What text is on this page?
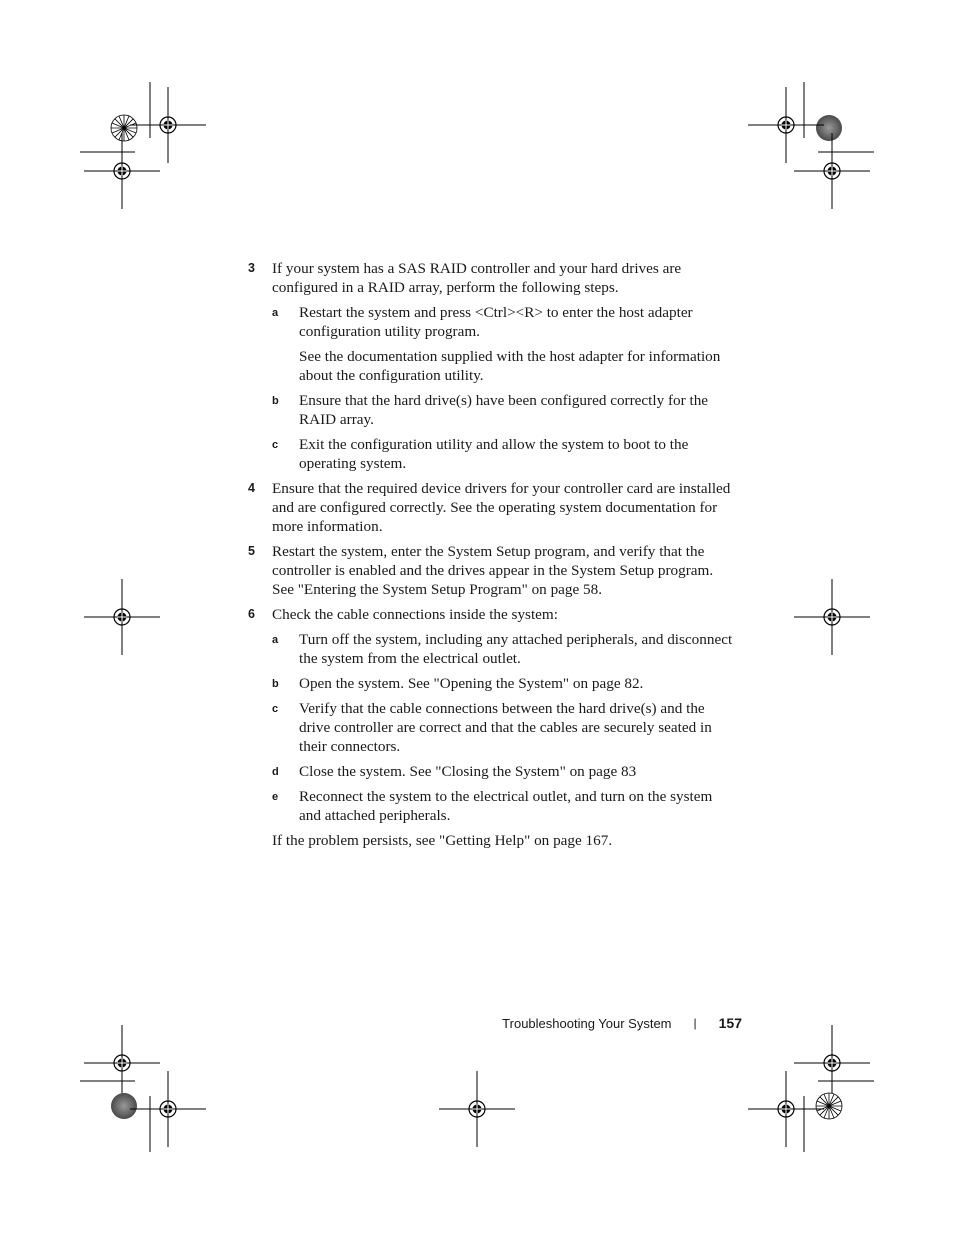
3 If your system has a SAS RAID controller and your hard drives are configured in a RAID array, perform the following steps.
a Restart the system and press <Ctrl><R> to enter the host adapter configuration utility program.
See the documentation supplied with the host adapter for information about the configuration utility.
b Ensure that the hard drive(s) have been configured correctly for the RAID array.
c Exit the configuration utility and allow the system to boot to the operating system.
4 Ensure that the required device drivers for your controller card are installed and are configured correctly. See the operating system documentation for more information.
5 Restart the system, enter the System Setup program, and verify that the controller is enabled and the drives appear in the System Setup program. See "Entering the System Setup Program" on page 58.
6 Check the cable connections inside the system:
a Turn off the system, including any attached peripherals, and disconnect the system from the electrical outlet.
b Open the system. See "Opening the System" on page 82.
c Verify that the cable connections between the hard drive(s) and the drive controller are correct and that the cables are securely seated in their connectors.
d Close the system. See "Closing the System" on page 83
e Reconnect the system to the electrical outlet, and turn on the system and attached peripherals.
If the problem persists, see "Getting Help" on page 167.
Troubleshooting Your System | 157
